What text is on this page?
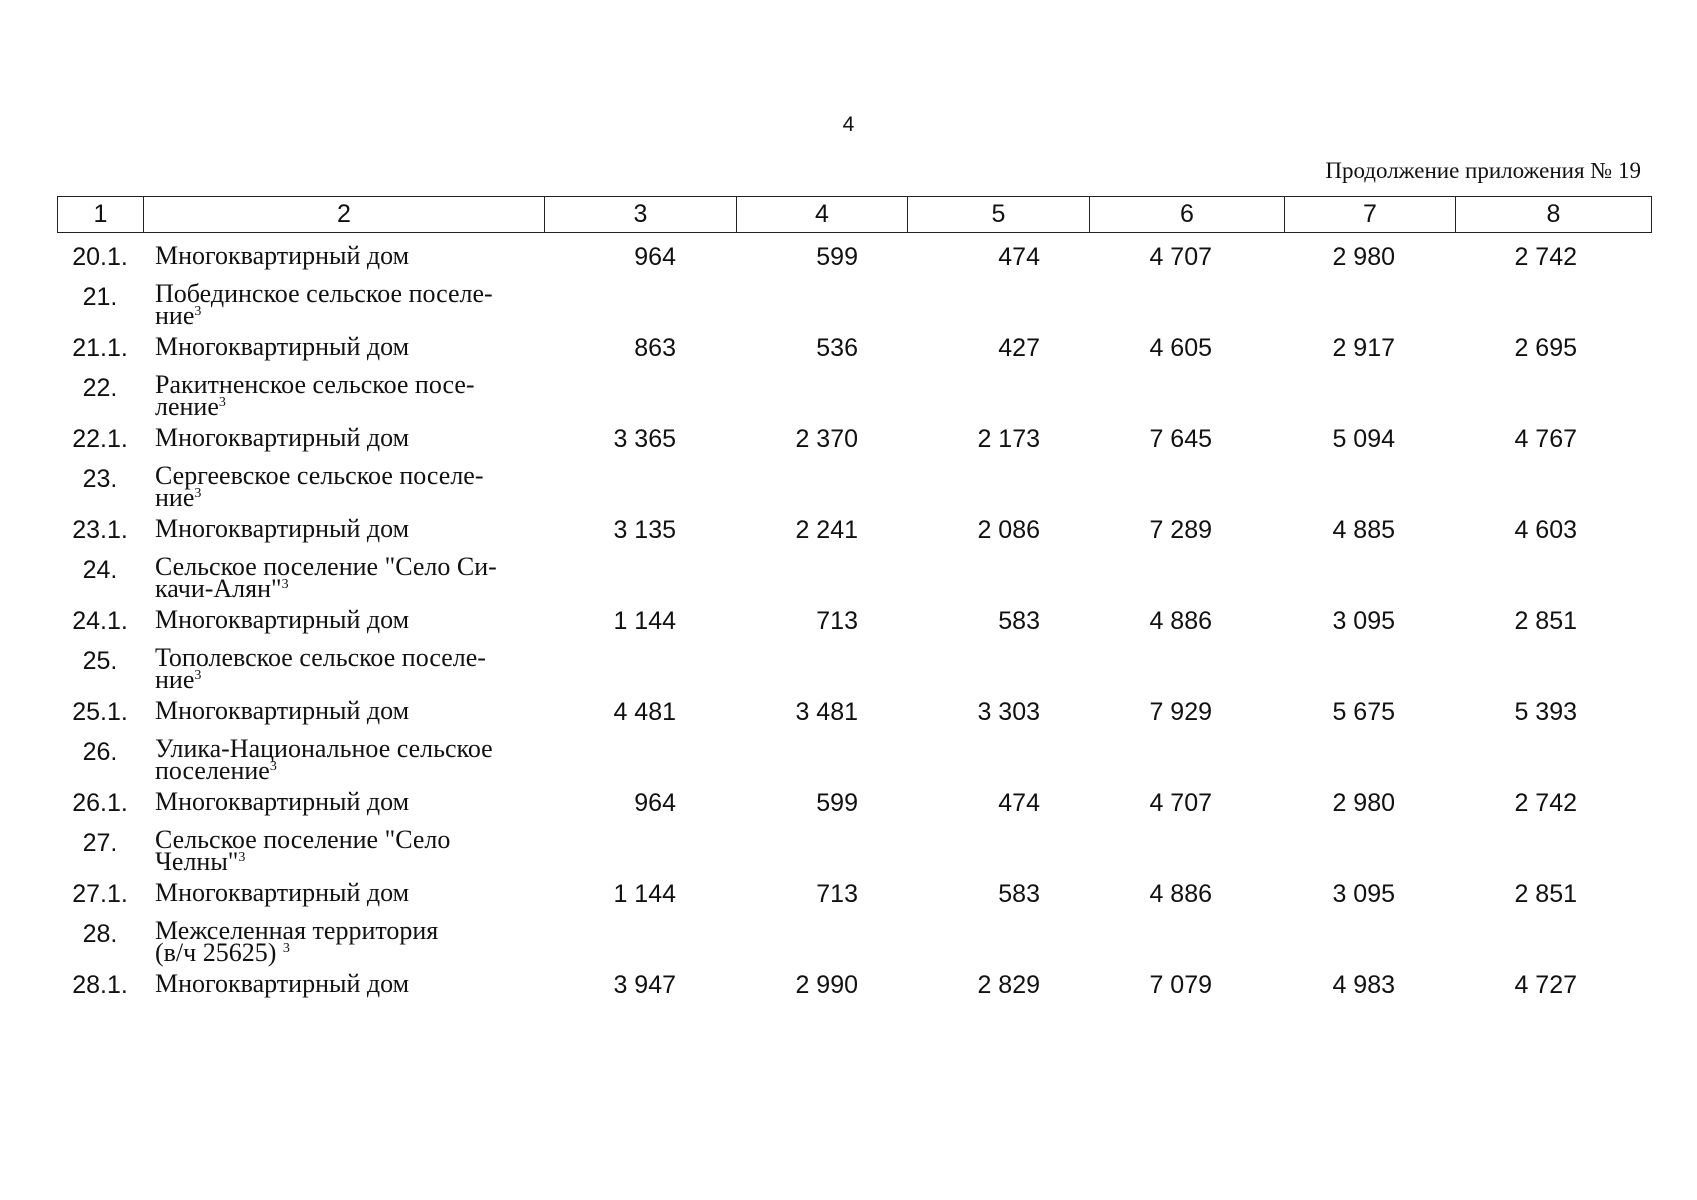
4
Продолжение приложения № 19
1	2	3	4	5	6	7	8
20.1.	Многоквартирный дом	964	599	474	4 707	2 980	2 742
21.	Побединское сельское поселе-
ние$^3$	
21.1.	Многоквартирный дом	863	536	427	4 605	2 917	2 695
22.	Ракитненское сельское посе-
ление$^3$	
22.1.	Многоквартирный дом	3 365	2 370	2 173	7 645	5 094	4 767
23.	Сергеевское сельское поселе-
ние$^3$	
23.1.	Многоквартирный дом	3 135	2 241	2 086	7 289	4 885	4 603
24.	Сельское поселение "Село Си-
качи-Алян"$^3$	
24.1.	Многоквартирный дом	1 144	713	583	4 886	3 095	2 851
25.	Тополевское сельское поселе-
ние$^3$	
25.1.	Многоквартирный дом	4 481	3 481	3 303	7 929	5 675	5 393
26.	Улика-Национальное сельское
поселение$^3$	
26.1.	Многоквартирный дом	964	599	474	4 707	2 980	2 742
27.	Сельское поселение "Село
Челны"$^3$	
27.1.	Многоквартирный дом	1 144	713	583	4 886	3 095	2 851
28.	Межселенная территория
(в/ч 25625) $^3$	
28.1.	Многоквартирный дом	3 947	2 990	2 829	7 079	4 983	4 727
